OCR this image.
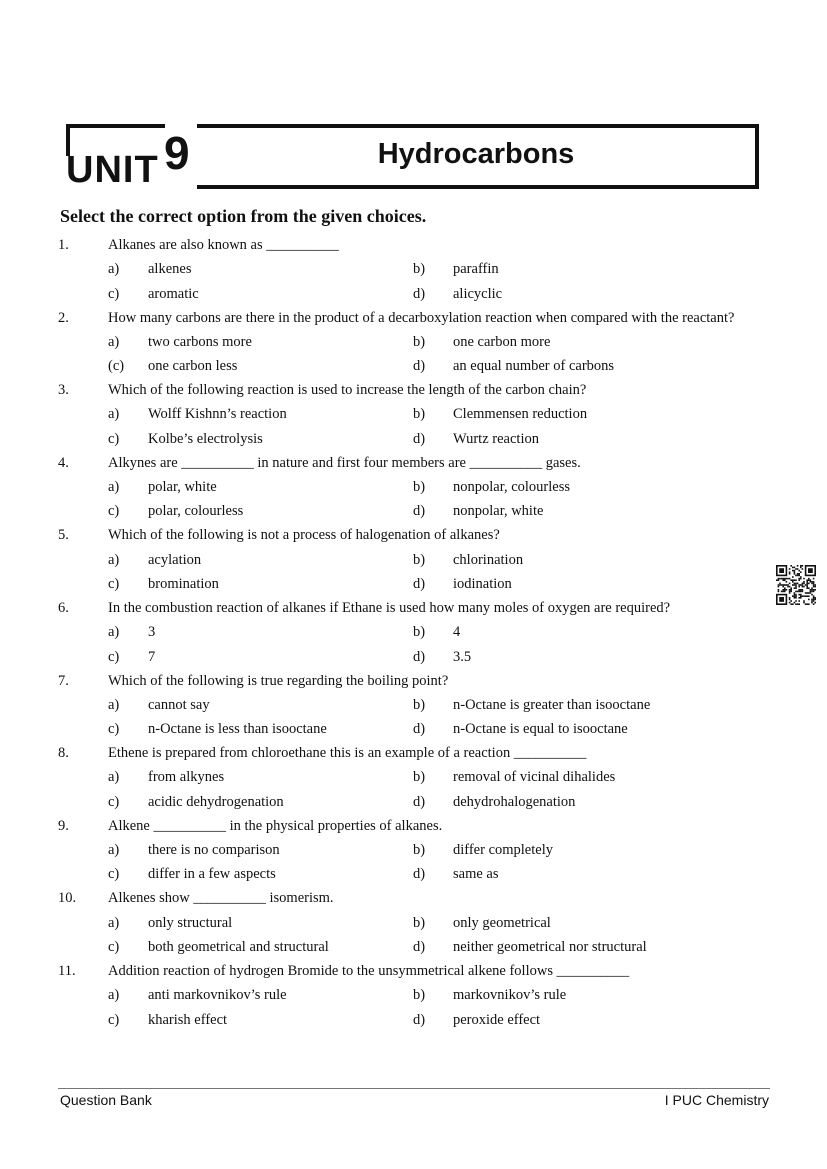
UNIT 9	Hydrocarbons
Select the correct option from the given choices.
1.	Alkanes are also known as __________
a)	alkenes	b)	paraffin
c)	aromatic	d)	alicyclic
2.	How many carbons are there in the product of a decarboxylation reaction when compared with the reactant?
a)	two carbons more	b)	one carbon more
(c)	one carbon less	d)	an equal number of carbons
3.	Which of the following reaction is used to increase the length of the carbon chain?
a)	Wolff Kishnn’s reaction	b)	Clemmensen reduction
c)	Kolbe’s electrolysis	d)	Wurtz reaction
4.	Alkynes are __________ in nature and first four members are __________ gases.
a)	polar, white	b)	nonpolar, colourless
c)	polar, colourless	d)	nonpolar, white
5.	Which of the following is not a process of halogenation of alkanes?
a)	acylation	b)	chlorination
c)	bromination	d)	iodination
6.	In the combustion reaction of alkanes if Ethane is used how many moles of oxygen are required?
a)	3	b)	4
c)	7	d)	3.5
7.	Which of the following is true regarding the boiling point?
a)	cannot say	b)	n-Octane is greater than isooctane
c)	n-Octane is less than isooctane	d)	n-Octane is equal to isooctane
8.	Ethene is prepared from chloroethane this is an example of a reaction __________
a)	from alkynes	b)	removal of vicinal dihalides
c)	acidic dehydrogenation	d)	dehydrohalogenation
9.	Alkene __________ in the physical properties of alkanes.
a)	there is no comparison	b)	differ completely
c)	differ in a few aspects	d)	same as
10.	Alkenes show __________ isomerism.
a)	only structural	b)	only geometrical
c)	both geometrical and structural	d)	neither geometrical nor structural
11.	Addition reaction of hydrogen Bromide to the unsymmetrical alkene follows __________
a)	anti markovnikov’s rule	b)	markovnikov’s rule
c)	kharish effect	d)	peroxide effect
Question Bank	I PUC Chemistry
